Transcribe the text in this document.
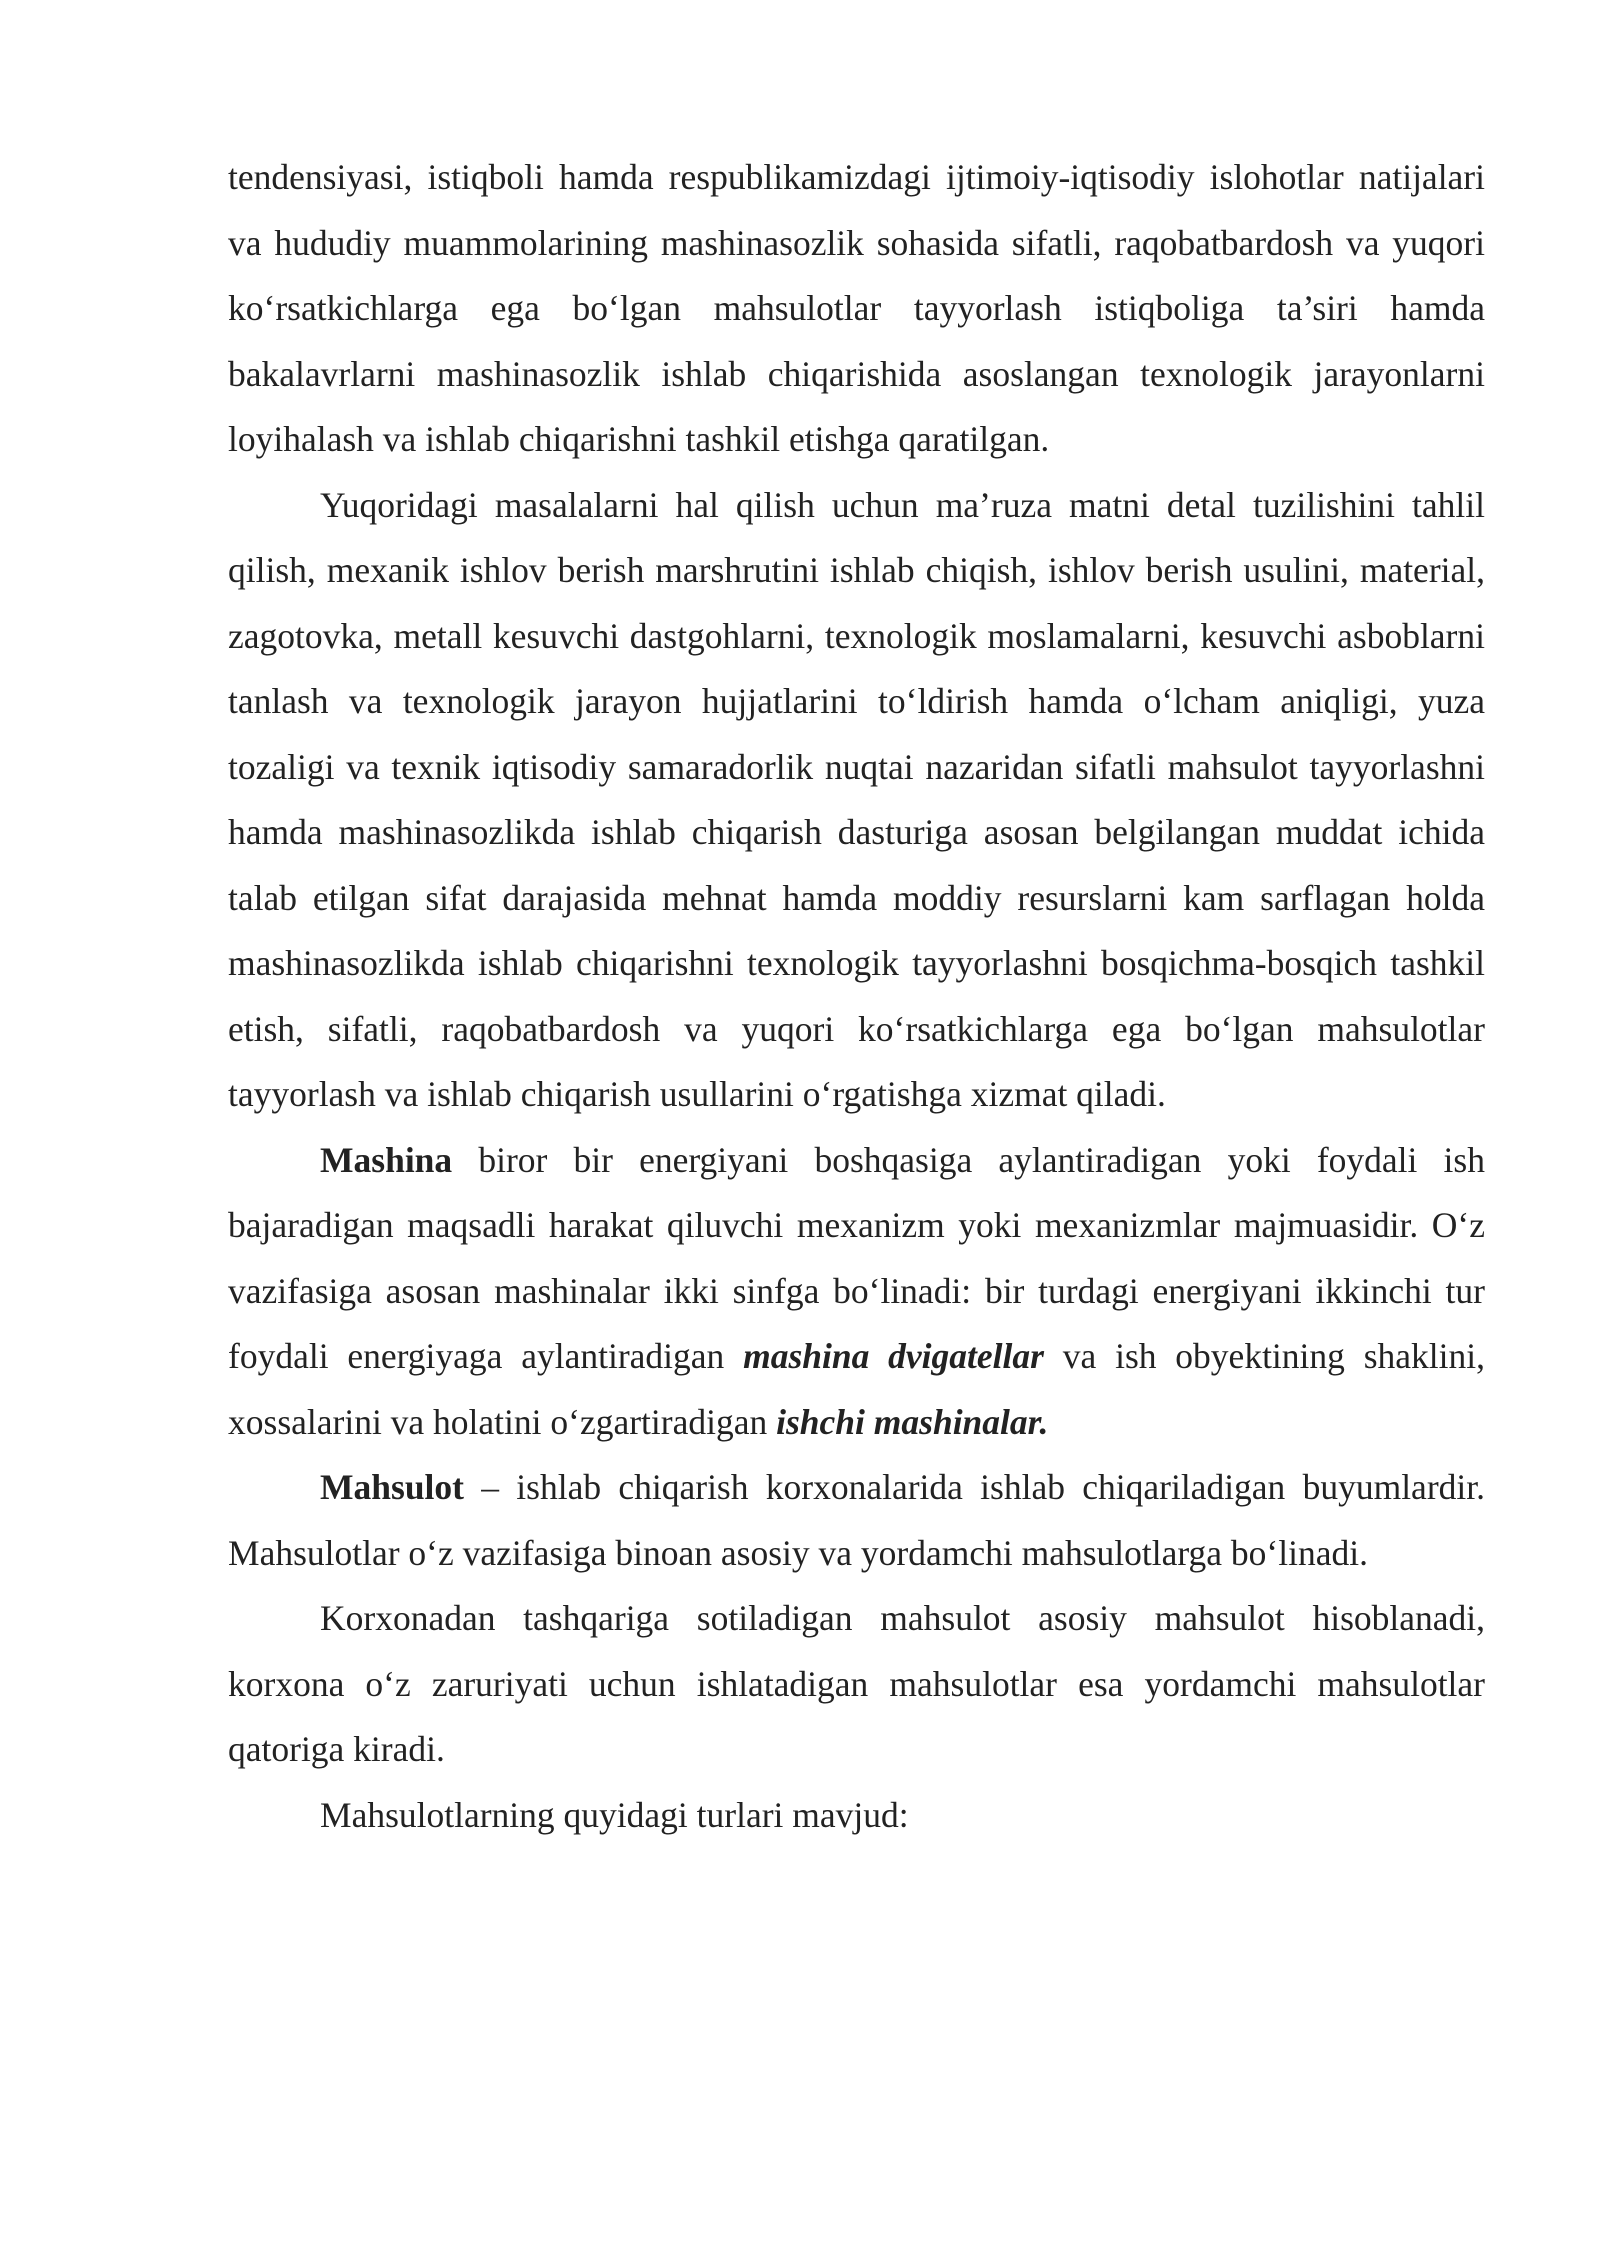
tendensiyasi, istiqboli hamda respublikamizdagi ijtimoiy-iqtisodiy islohotlar natijalari va hududiy muammolarining mashinasozlik sohasida sifatli, raqobatbardosh va yuqori ko‘rsatkichlarga ega bo‘lgan mahsulotlar tayyorlash istiqboliga ta’siri hamda bakalavrlarni mashinasozlik ishlab chiqarishida asoslangan texnologik jarayonlarni loyihalash va ishlab chiqarishni tashkil etishga qaratilgan.

Yuqoridagi masalalarni hal qilish uchun ma’ruza matni detal tuzilishini tahlil qilish, mexanik ishlov berish marshrutini ishlab chiqish, ishlov berish usulini, material, zagotovka, metall kesuvchi dastgohlarni, texnologik moslamalarni, kesuvchi asboblarni tanlash va texnologik jarayon hujjatlarini to‘ldirish hamda o‘lcham aniqligi, yuza tozaligi va texnik iqtisodiy samaradorlik nuqtai nazaridan sifatli mahsulot tayyorlashni hamda mashinasozlikda ishlab chiqarish dasturiga asosan belgilangan muddat ichida talab etilgan sifat darajasida mehnat hamda moddiy resurslarni kam sarflagan holda mashinasozlikda ishlab chiqarishni texnologik tayyorlashni bosqichma-bosqich tashkil etish, sifatli, raqobatbardosh va yuqori ko‘rsatkichlarga ega bo‘lgan mahsulotlar tayyorlash va ishlab chiqarish usullarini o‘rgatishga xizmat qiladi.

Mashina biror bir energiyani boshqasiga aylantiradigan yoki foydali ish bajaradigan maqsadli harakat qiluvchi mexanizm yoki mexanizmlar majmuasidir. O‘z vazifasiga asosan mashinalar ikki sinfga bo‘linadi: bir turdagi energiyani ikkinchi tur foydali energiyaga aylantiradigan mashina dvigatellar va ish obyektining shaklini, xossalarini va holatini o‘zgartiradigan ishchi mashinalar.

Mahsulot – ishlab chiqarish korxonalarida ishlab chiqariladigan buyumlardir. Mahsulotlar o‘z vazifasiga binoan asosiy va yordamchi mahsulotlarga bo‘linadi.

Korxonadan tashqariga sotiladigan mahsulot asosiy mahsulot hisoblanadi, korxona o‘z zaruriyati uchun ishlatadigan mahsulotlar esa yordamchi mahsulotlar qatoriga kiradi.

Mahsulotlarning quyidagi turlari mavjud:
